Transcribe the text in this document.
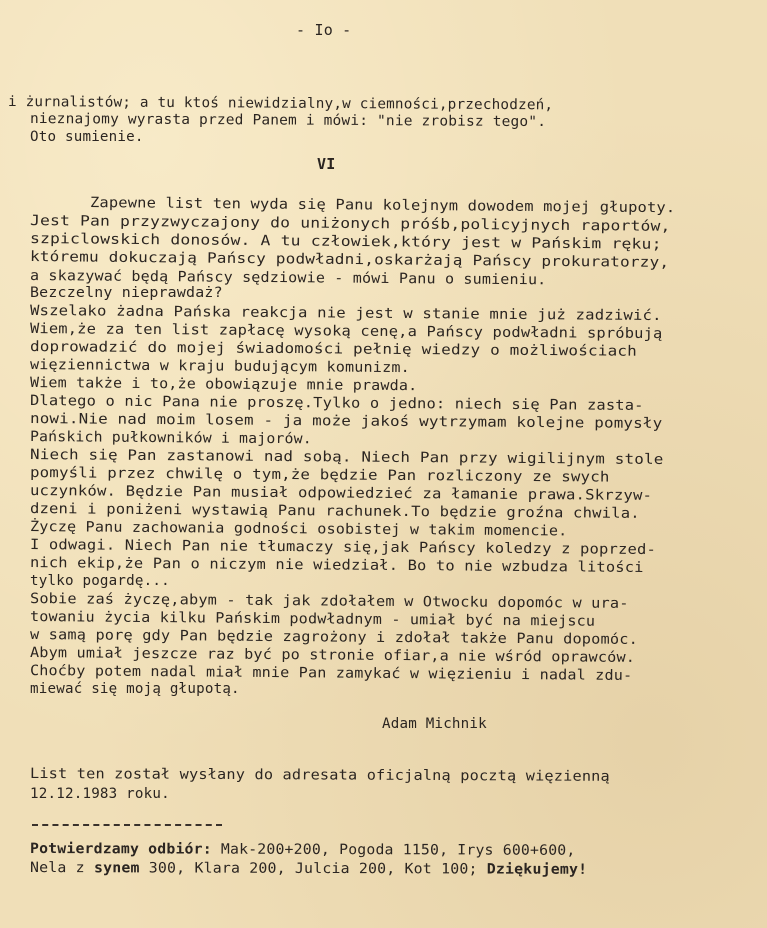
- Io -
i żurnalistów; a tu ktoś niewidzialny,w ciemności,przechodzeń,
nieznajomy wyrasta przed Panem i mówi: "nie zrobisz tego".
Oto sumienie.
VI
Zapewne list ten wyda się Panu kolejnym dowodem mojej głupoty.
Jest Pan przyzwyczajony do uniżonych próśb,policyjnych raportów,
szpiclowskich donosów. A tu człowiek,który jest w Pańskim ręku;
któremu dokuczają Pańscy podwładni,oskarżają Pańscy prokuratorzy,
a skazywać będą Pańscy sędziowie - mówi Panu o sumieniu.
Bezczelny nieprawdaż?
Wszelako żadna Pańska reakcja nie jest w stanie mnie już zadziwić.
Wiem,że za ten list zapłacę wysoką cenę,a Pańscy podwładni spróbują
doprowadzić do mojej świadomości pełnię wiedzy o możliwościach
więziennictwa w kraju budującym komunizm.
Wiem także i to,że obowiązuje mnie prawda.
Dlatego o nic Pana nie proszę.Tylko o jedno: niech się Pan zasta-
nowi.Nie nad moim losem - ja może jakoś wytrzymam kolejne pomysły
Pańskich pułkowników i majorów.
Niech się Pan zastanowi nad sobą. Niech Pan przy wigilijnym stole
pomyśli przez chwilę o tym,że będzie Pan rozliczony ze swych
uczynków. Będzie Pan musiał odpowiedzieć za łamanie prawa.Skrzyw-
dzeni i poniżeni wystawią Panu rachunek.To będzie groźna chwila.
Życzę Panu zachowania godności osobistej w takim momencie.
I odwagi. Niech Pan nie tłumaczy się,jak Pańscy koledzy z poprzed-
nich ekip,że Pan o niczym nie wiedział. Bo to nie wzbudza litości
tylko pogardę...
Sobie zaś życzę,abym - tak jak zdołałem w Otwocku dopomóc w ura-
towaniu życia kilku Pańskim podwładnym - umiał być na miejscu
w samą porę gdy Pan będzie zagrożony i zdołał także Panu dopomóc.
Abym umiał jeszcze raz być po stronie ofiar,a nie wśród oprawców.
Choćby potem nadal miał mnie Pan zamykać w więzieniu i nadal zdu-
miewać się moją głupotą.
Adam Michnik
List ten został wysłany do adresata oficjalną pocztą więzienną
12.12.1983 roku.
Potwierdzamy odbiór: Mak-200+200, Pogoda 1150, Irys 600+600,
Nela z synem 300, Klara 200, Julcia 200, Kot 100; Dziękujemy!
